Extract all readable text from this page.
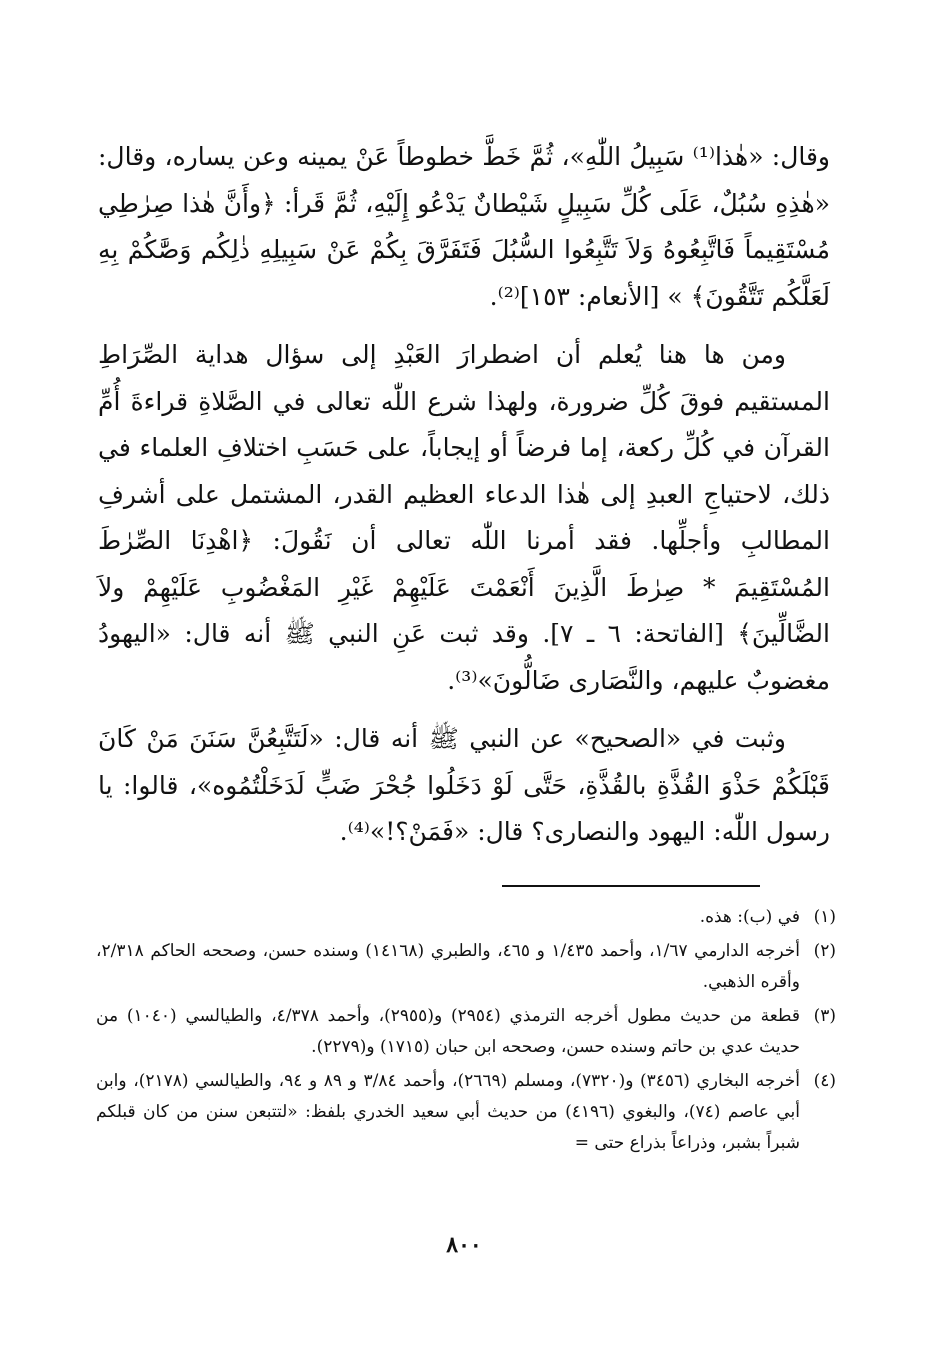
وقال: «هٰذا⁽¹⁾ سَبِيلُ اللّٰهِ»، ثُمَّ خَطَّ خطوطاً عَنْ يمينه وعن يساره، وقال: «هٰذِهِ سُبُلٌ، عَلَى كُلِّ سَبِيلٍ شَيْطانٌ يَدْعُو إِلَيْهِ، ثُمَّ قَرأ: ﴿وأَنَّ هٰذا صِرٰطِي مُسْتَقِيماً فَاتَّبِعُوهُ وَلاَ تَتَّبِعُوا السُّبُلَ فَتَفَرَّقَ بِكُمْ عَنْ سَبِيلِهِ ذٰلِكُم وَصَّٰكُمْ بِهِ لَعَلَّكُم تَتَّقُونَ﴾ » [الأنعام: ١٥٣]⁽²⁾.

ومن ها هنا يُعلم أن اضطرارَ العَبْدِ إلى سؤال هداية الصِّرَاطِ المستقيم فوقَ كُلِّ ضرورة، ولهذا شرع اللّٰه تعالى في الصَّلاةِ قراءةَ أُمِّ القرآن في كُلِّ ركعة، إما فرضاً أو إيجاباً، على حَسَبِ اختلافِ العلماء في ذلك، لاحتياجِ العبدِ إلى هٰذا الدعاء العظيم القدر، المشتمل على أشرفِ المطالبِ وأجلِّها. فقد أمرنا اللّٰه تعالى أن نَقُولَ: ﴿اهْدِنَا الصِّرٰطَ المُسْتَقِيمَ * صِرٰطَ الَّذِينَ أَنْعَمْتَ عَلَيْهِمْ غَيْرِ المَغْضُوبِ عَلَيْهِمْ ولاَ الضَّالِّينَ﴾ [الفاتحة: ٦ ـ ٧]. وقد ثبت عَنِ النبي ﷺ أنه قال: «اليهودُ مغضوبٌ عليهم، والنَّصَارى ضَالُّونَ»⁽³⁾.

وثبت في «الصحيح» عن النبي ﷺ أنه قال: «لَتَتَّبِعُنَّ سَنَنَ مَنْ كَانَ قَبْلَكُمْ حَذْوَ القُذَّةِ بالقُذَّةِ، حَتَّى لَوْ دَخَلُوا جُحْرَ ضَبٍّ لَدَخَلْتُمُوه»، قالوا: يا رسول اللّٰه: اليهود والنصارى؟ قال: «فَمَنْ؟!»⁽⁴⁾.

(١)
في (ب): هذه.
(٢)
أخرجه الدارمي ١/٦٧، وأحمد ١/٤٣٥ و ٤٦٥، والطبري (١٤١٦٨) وسنده حسن، وصححه الحاكم ٢/٣١٨، وأقره الذهبي.
(٣)
قطعة من حديث مطول أخرجه الترمذي (٢٩٥٤) و(٢٩٥٥)، وأحمد ٤/٣٧٨، والطيالسي (١٠٤٠) من حديث عدي بن حاتم وسنده حسن، وصححه ابن حبان (١٧١٥) و(٢٢٧٩).
(٤)
أخرجه البخاري (٣٤٥٦) و(٧٣٢٠)، ومسلم (٢٦٦٩)، وأحمد ٣/٨٤ و ٨٩ و ٩٤، والطيالسي (٢١٧٨)، وابن أبي عاصم (٧٤)، والبغوي (٤١٩٦) من حديث أبي سعيد الخدري بلفظ: «لتتبعن سنن من كان قبلكم شبراً بشبر، وذراعاً بذراع حتى =
٨٠٠
